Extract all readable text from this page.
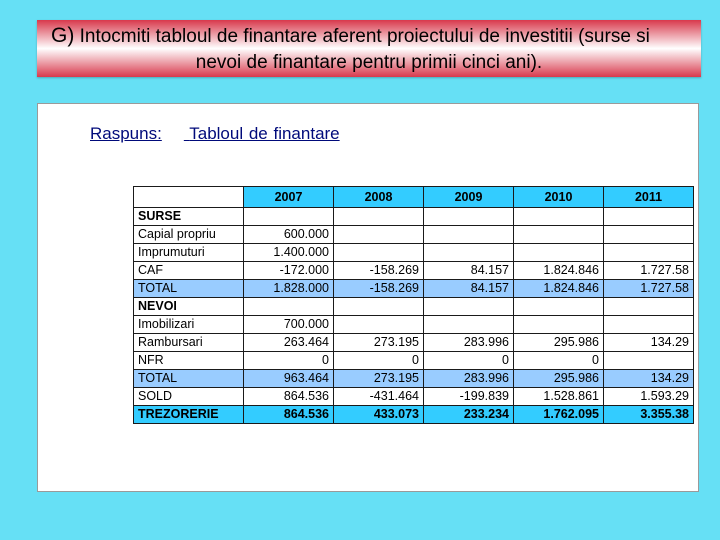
G) Intocmiti tabloul de finantare aferent proiectului de investitii (surse si
nevoi de finantare pentru primii cinci ani).
Raspuns: Tabloul de finantare
	2007	2008	2009	2010	2011
SURSE					
Capial propriu	600.000				
Imprumuturi	1.400.000				
CAF	-172.000	-158.269	84.157	1.824.846	1.727.58
TOTAL	1.828.000	-158.269	84.157	1.824.846	1.727.58
NEVOI					
Imobilizari	700.000				
Rambursari	263.464	273.195	283.996	295.986	134.29
NFR	0	0	0	0	
TOTAL	963.464	273.195	283.996	295.986	134.29
SOLD	864.536	-431.464	-199.839	1.528.861	1.593.29
TREZORERIE	864.536	433.073	233.234	1.762.095	3.355.38
